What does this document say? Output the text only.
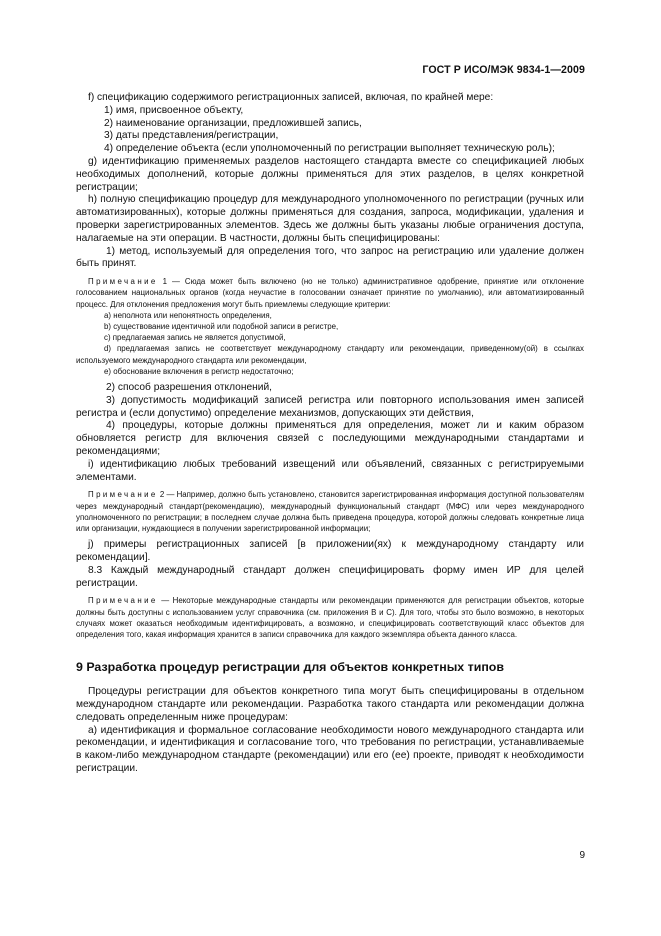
ГОСТ Р ИСО/МЭК 9834-1—2009

f) спецификацию содержимого регистрационных записей, включая, по крайней мере:

1) имя, присвоенное объекту,

2) наименование организации, предложившей запись,

3) даты представления/регистрации,

4) определение объекта (если уполномоченный по регистрации выполняет техническую роль);

g) идентификацию применяемых разделов настоящего стандарта вместе со спецификацией любых необходимых дополнений, которые должны применяться для этих разделов, в целях конкретной регистрации;

h) полную спецификацию процедур для международного уполномоченного по регистрации (ручных или автоматизированных), которые должны применяться для создания, запроса, модификации, удаления и проверки зарегистрированных элементов. Здесь же должны быть указаны любые ограничения доступа, налагаемые на эти операции. В частности, должны быть специфицированы:

1) метод, используемый для определения того, что запрос на регистрацию или удаление должен быть принят.

Примечание 1 — Сюда может быть включено (но не только) административное одобрение, принятие или отклонение голосованием национальных органов (когда неучастие в голосовании означает принятие по умолчанию), или автоматизированный процесс. Для отклонения предложения могут быть приемлемы следующие критерии:

a) неполнота или непонятность определения,

b) существование идентичной или подобной записи в регистре,

c) предлагаемая запись не является допустимой,

d) предлагаемая запись не соответствует международному стандарту или рекомендации, приведенному(ой) в ссылках используемого международного стандарта или рекомендации,

e) обоснование включения в регистр недостаточно;

2) способ разрешения отклонений,

3) допустимость модификаций записей регистра или повторного использования имен записей регистра и (если допустимо) определение механизмов, допускающих эти действия,

4) процедуры, которые должны применяться для определения, может ли и каким образом обновляется регистр для включения связей с последующими международными стандартами и рекомендациями;

i) идентификацию любых требований извещений или объявлений, связанных с регистрируемыми элементами.

Примечание 2 — Например, должно быть установлено, становится зарегистрированная информация доступной пользователям через международный стандарт(рекомендацию), международный функциональный стандарт (МФС) или через международного уполномоченного по регистрации; в последнем случае должна быть приведена процедура, которой должны следовать конкретные лица или организации, нуждающиеся в получении зарегистрированной информации;

j) примеры регистрационных записей [в приложении(ях) к международному стандарту или рекомендации].

8.3 Каждый международный стандарт должен специфицировать форму имен ИР для целей регистрации.

Примечание — Некоторые международные стандарты или рекомендации применяются для регистрации объектов, которые должны быть доступны с использованием услуг справочника (см. приложения В и С). Для того, чтобы это было возможно, в некоторых случаях может оказаться необходимым идентифицировать, а возможно, и специфицировать соответствующий класс объектов для определения того, какая информация хранится в записи справочника для каждого экземпляра объекта данного класса.

9 Разработка процедур регистрации для объектов конкретных типов

Процедуры регистрации для объектов конкретного типа могут быть специфицированы в отдельном международном стандарте или рекомендации. Разработка такого стандарта или рекомендации должна следовать определенным ниже процедурам:

a) идентификация и формальное согласование необходимости нового международного стандарта или рекомендации, и идентификация и согласование того, что требования по регистрации, устанавливаемые в каком-либо международном стандарте (рекомендации) или его (ее) проекте, приводят к необходимости регистрации.

9
